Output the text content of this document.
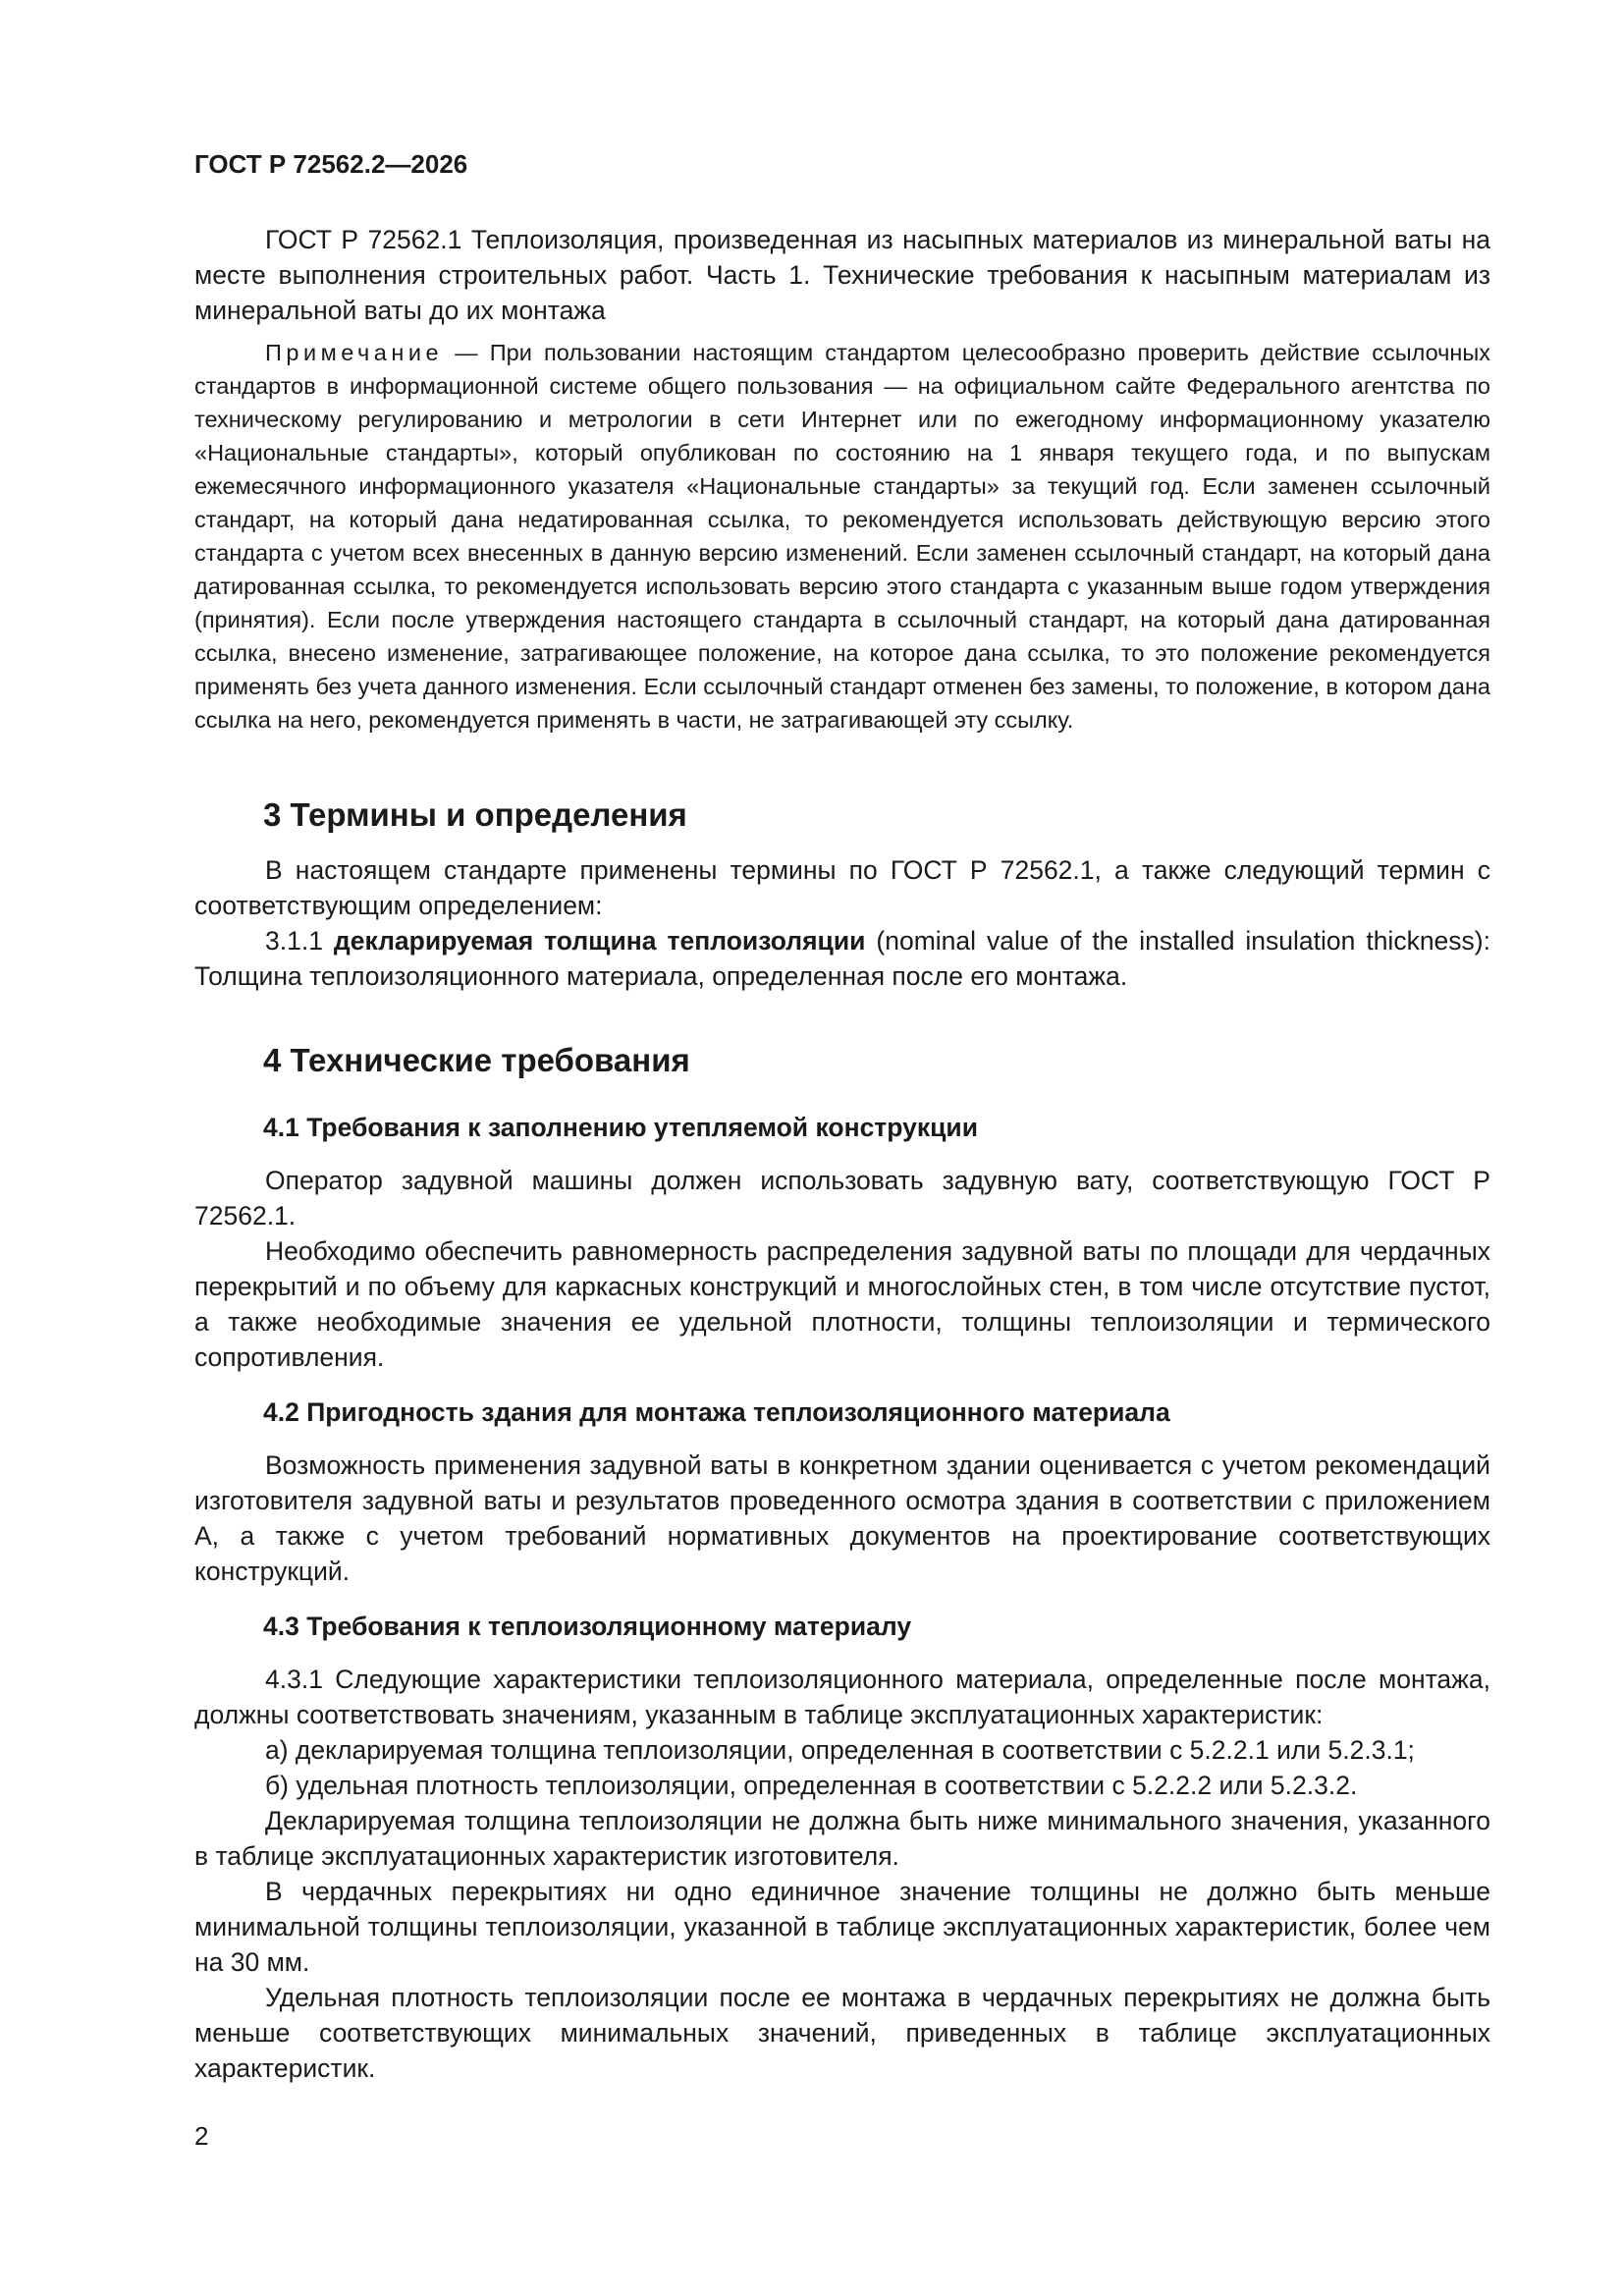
ГОСТ Р 72562.2—2026

ГОСТ Р 72562.1 Теплоизоляция, произведенная из насыпных материалов из минеральной ваты на месте выполнения строительных работ. Часть 1. Технические требования к насыпным материалам из минеральной ваты до их монтажа

Примечание — При пользовании настоящим стандартом целесообразно проверить действие ссылочных стандартов в информационной системе общего пользования — на официальном сайте Федерального агентства по техническому регулированию и метрологии в сети Интернет или по ежегодному информационному указателю «Национальные стандарты», который опубликован по состоянию на 1 января текущего года, и по выпускам ежемесячного информационного указателя «Национальные стандарты» за текущий год. Если заменен ссылочный стандарт, на который дана недатированная ссылка, то рекомендуется использовать действующую версию этого стандарта с учетом всех внесенных в данную версию изменений. Если заменен ссылочный стандарт, на который дана датированная ссылка, то рекомендуется использовать версию этого стандарта с указанным выше годом утверждения (принятия). Если после утверждения настоящего стандарта в ссылочный стандарт, на который дана датированная ссылка, внесено изменение, затрагивающее положение, на которое дана ссылка, то это положение рекомендуется применять без учета данного изменения. Если ссылочный стандарт отменен без замены, то положение, в котором дана ссылка на него, рекомендуется применять в части, не затрагивающей эту ссылку.

3 Термины и определения

В настоящем стандарте применены термины по ГОСТ Р 72562.1, а также следующий термин с соответствующим определением:

3.1.1 декларируемая толщина теплоизоляции (nominal value of the installed insulation thickness): Толщина теплоизоляционного материала, определенная после его монтажа.

4 Технические требования
4.1 Требования к заполнению утепляемой конструкции

Оператор задувной машины должен использовать задувную вату, соответствующую ГОСТ Р 72562.1.

Необходимо обеспечить равномерность распределения задувной ваты по площади для чердачных перекрытий и по объему для каркасных конструкций и многослойных стен, в том числе отсутствие пустот, а также необходимые значения ее удельной плотности, толщины теплоизоляции и термического сопротивления.

4.2 Пригодность здания для монтажа теплоизоляционного материала

Возможность применения задувной ваты в конкретном здании оценивается с учетом рекомендаций изготовителя задувной ваты и результатов проведенного осмотра здания в соответствии с приложением А, а также с учетом требований нормативных документов на проектирование соответствующих конструкций.

4.3 Требования к теплоизоляционному материалу

4.3.1 Следующие характеристики теплоизоляционного материала, определенные после монтажа, должны соответствовать значениям, указанным в таблице эксплуатационных характеристик:

а) декларируемая толщина теплоизоляции, определенная в соответствии с 5.2.2.1 или 5.2.3.1;

б) удельная плотность теплоизоляции, определенная в соответствии с 5.2.2.2 или 5.2.3.2.

Декларируемая толщина теплоизоляции не должна быть ниже минимального значения, указанного в таблице эксплуатационных характеристик изготовителя.

В чердачных перекрытиях ни одно единичное значение толщины не должно быть меньше минимальной толщины теплоизоляции, указанной в таблице эксплуатационных характеристик, более чем на 30 мм.

Удельная плотность теплоизоляции после ее монтажа в чердачных перекрытиях не должна быть меньше соответствующих минимальных значений, приведенных в таблице эксплуатационных характеристик.

2
